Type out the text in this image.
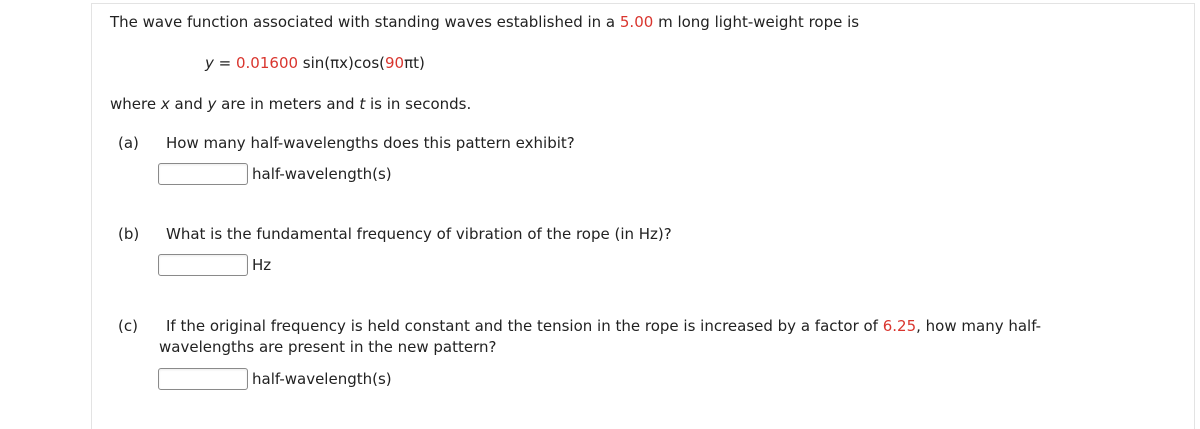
The wave function associated with standing waves established in a 5.00 m long light-weight rope is
y = 0.01600 sin(πx)cos(90πt)
where x and y are in meters and t is in seconds.
(a) How many half-wavelengths does this pattern exhibit?
half-wavelength(s)
(b) What is the fundamental frequency of vibration of the rope (in Hz)?
Hz
(c) If the original frequency is held constant and the tension in the rope is increased by a factor of 6.25, how many half-
wavelengths are present in the new pattern?
half-wavelength(s)
